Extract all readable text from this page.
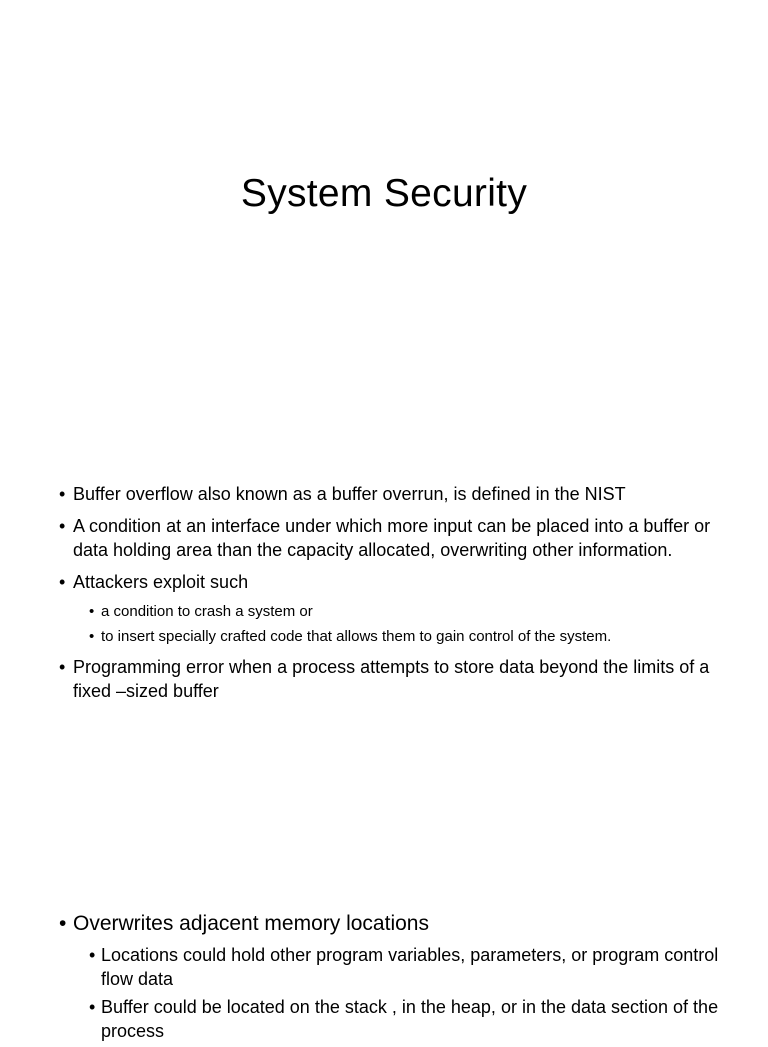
System Security
• Buffer overflow also known as a buffer overrun, is defined in the NIST
• A condition at an interface under which more input can be placed into a buffer or data holding area than the capacity allocated, overwriting other information.
• Attackers exploit such
• a condition to crash a system or
• to insert specially crafted code that allows them to gain control of the system.
• Programming error when a process attempts to store data beyond the limits of a fixed –sized buffer
• Overwrites adjacent memory locations
• Locations could hold other program variables, parameters, or program control flow data
• Buffer could be located on the stack , in the heap, or in the data section of the process
